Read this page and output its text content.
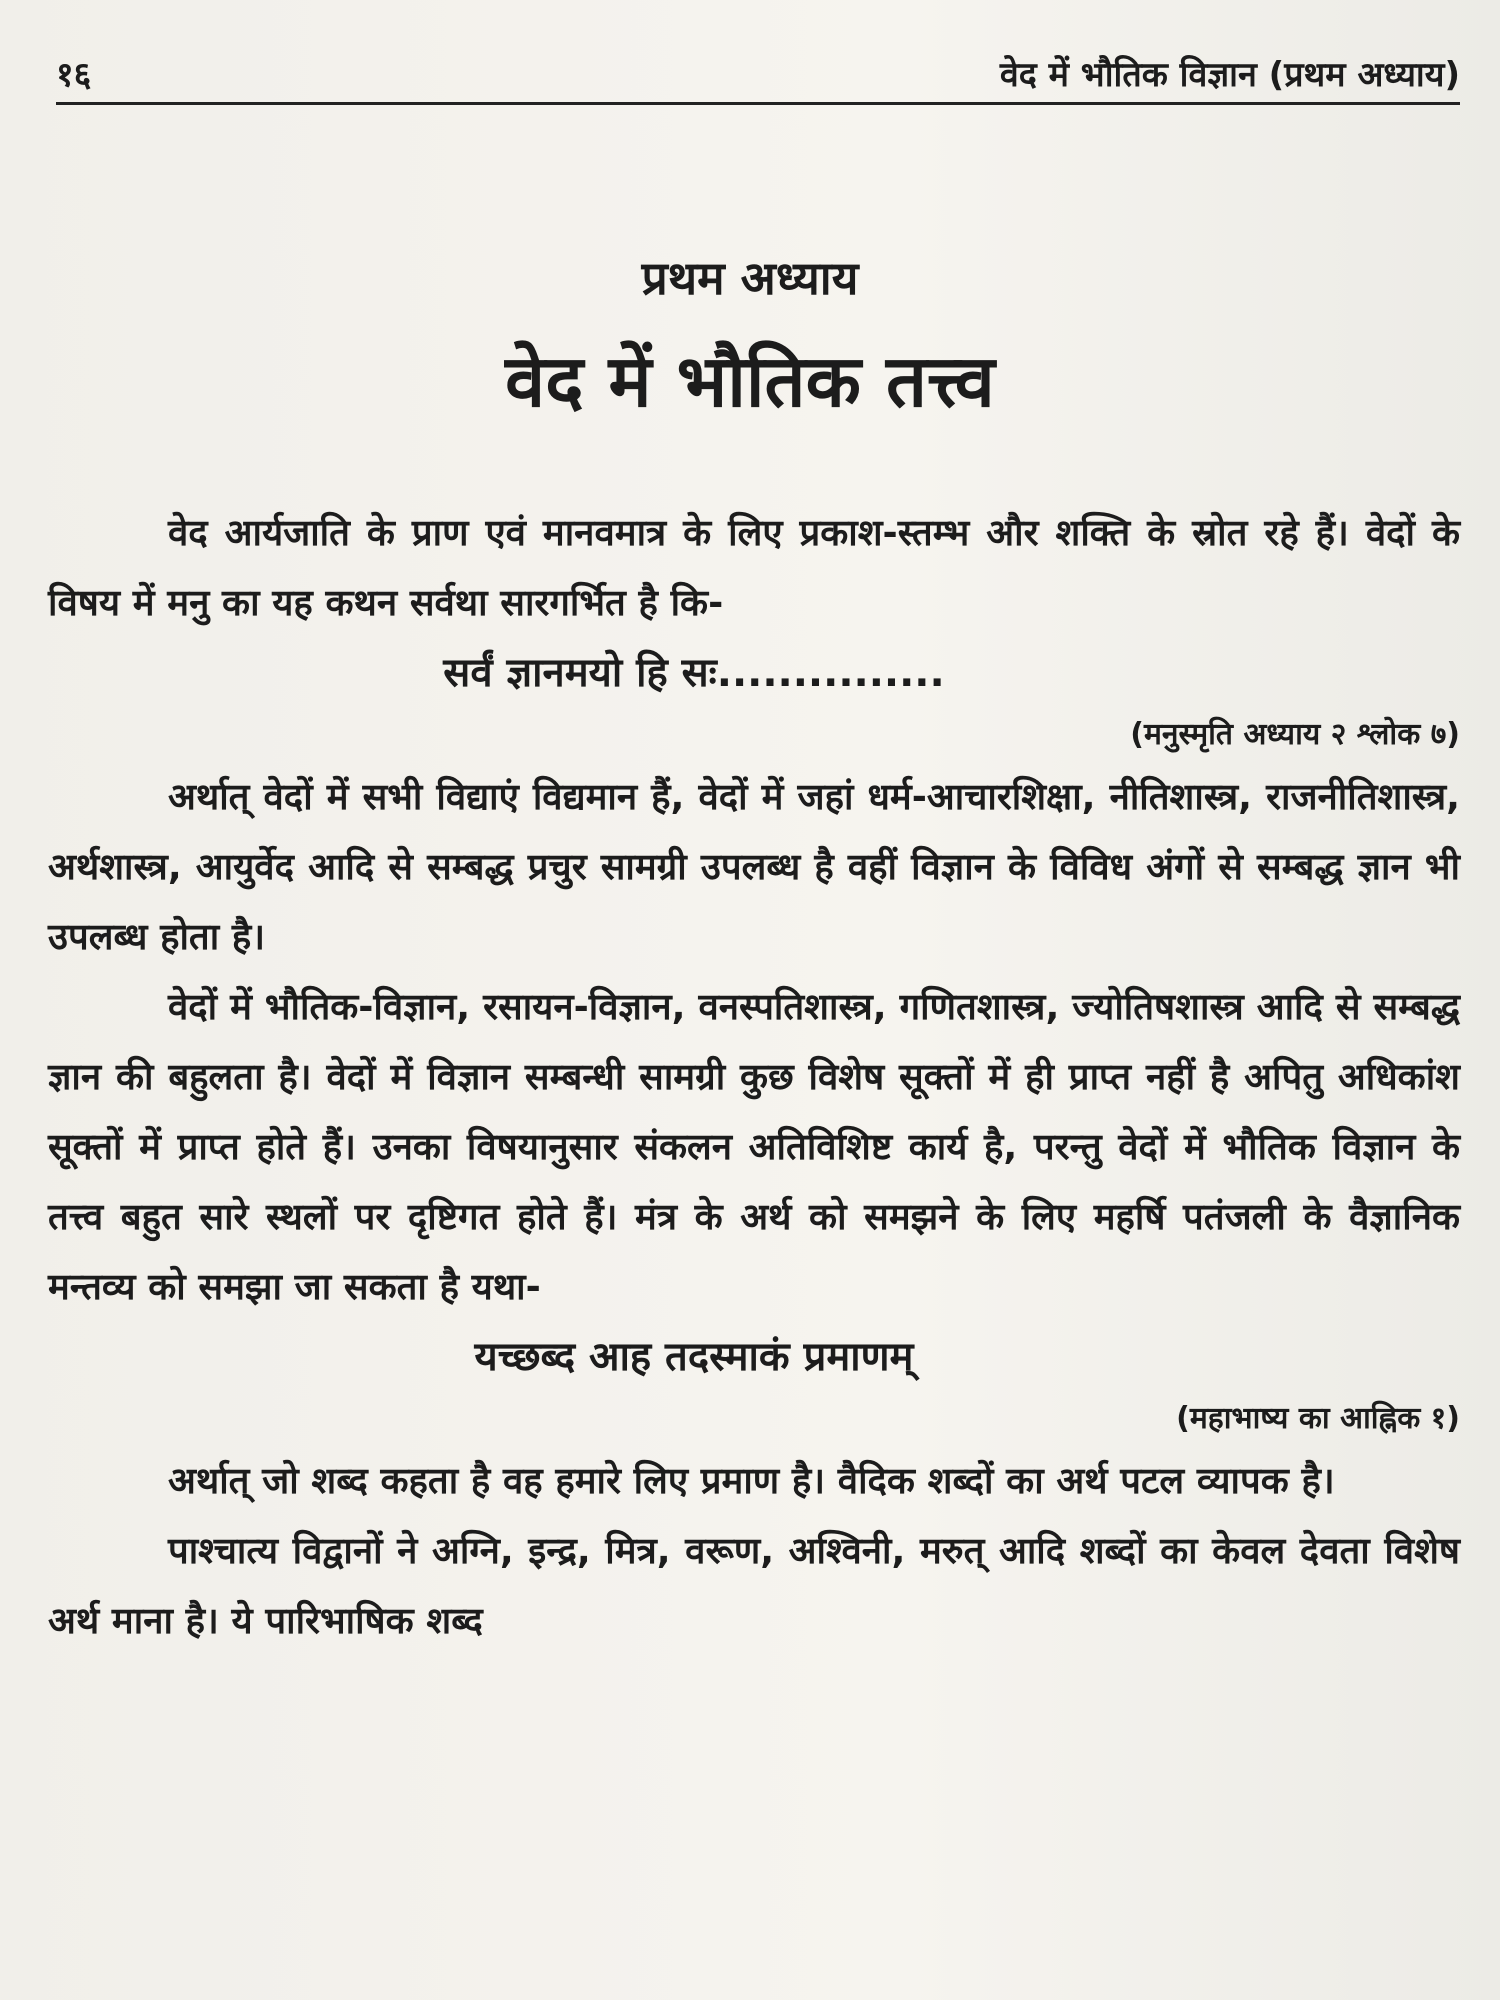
१६	वेद में भौतिक विज्ञान (प्रथम अध्याय)
प्रथम अध्याय
वेद में भौतिक तत्त्व

वेद आर्यजाति के प्राण एवं मानवमात्र के लिए प्रकाश-स्तम्भ और शक्ति के स्रोत रहे हैं। वेदों के विषय में मनु का यह कथन सर्वथा सारगर्भित है कि-

सर्वं ज्ञानमयो हि सः...............

(मनुस्मृति अध्याय २ श्लोक ७)

अर्थात् वेदों में सभी विद्याएं विद्यमान हैं, वेदों में जहां धर्म-आचारशिक्षा, नीतिशास्त्र, राजनीतिशास्त्र, अर्थशास्त्र, आयुर्वेद आदि से सम्बद्ध प्रचुर सामग्री उपलब्ध है वहीं विज्ञान के विविध अंगों से सम्बद्ध ज्ञान भी उपलब्ध होता है।

वेदों में भौतिक-विज्ञान, रसायन-विज्ञान, वनस्पतिशास्त्र, गणितशास्त्र, ज्योतिषशास्त्र आदि से सम्बद्ध ज्ञान की बहुलता है। वेदों में विज्ञान सम्बन्धी सामग्री कुछ विशेष सूक्तों में ही प्राप्त नहीं है अपितु अधिकांश सूक्तों में प्राप्त होते हैं। उनका विषयानुसार संकलन अतिविशिष्ट कार्य है, परन्तु वेदों में भौतिक विज्ञान के तत्त्व बहुत सारे स्थलों पर दृष्टिगत होते हैं। मंत्र के अर्थ को समझने के लिए महर्षि पतंजली के वैज्ञानिक मन्तव्य को समझा जा सकता है यथा-

यच्छब्द आह तदस्माकं प्रमाणम्

(महाभाष्य का आह्निक १)

अर्थात् जो शब्द कहता है वह हमारे लिए प्रमाण है। वैदिक शब्दों का अर्थ पटल व्यापक है।

पाश्चात्य विद्वानों ने अग्नि, इन्द्र, मित्र, वरूण, अश्विनी, मरुत् आदि शब्दों का केवल देवता विशेष अर्थ माना है। ये पारिभाषिक शब्द
